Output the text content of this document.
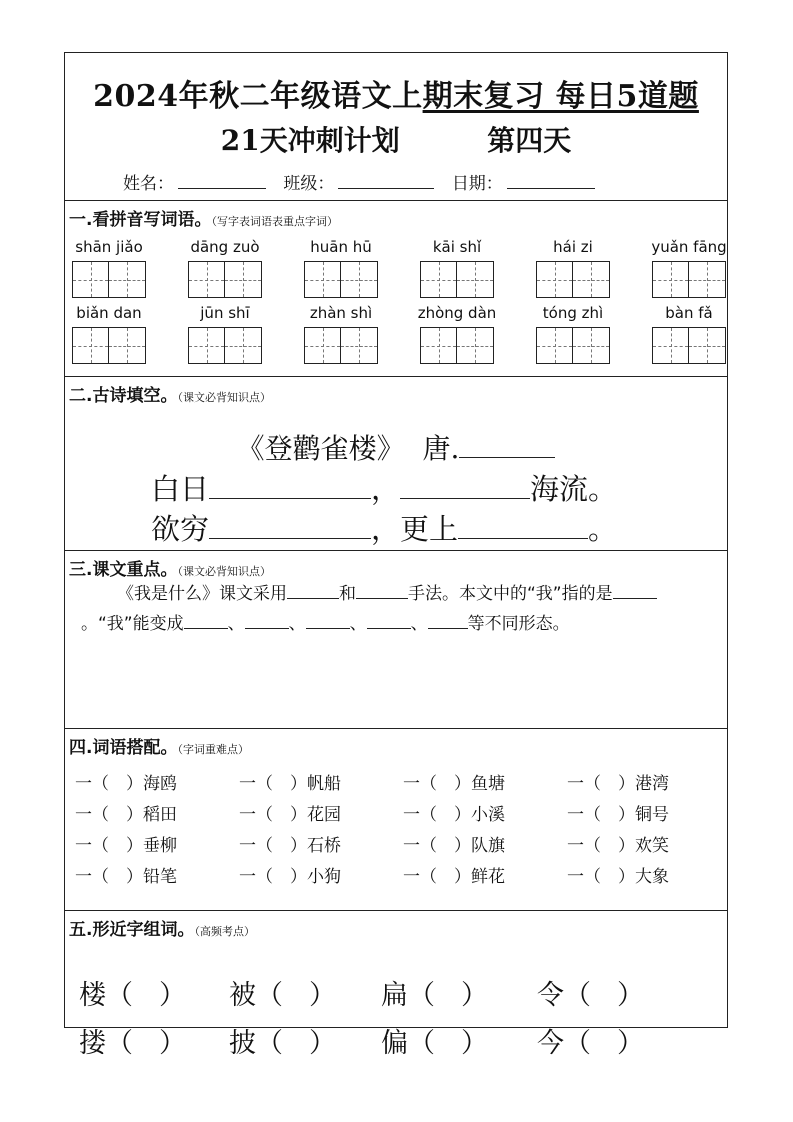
2024年秋二年级语文上期末复习 每日5道题
21天冲刺计划	第四天
姓名：	班级：	日期：
一.看拼音写词语。（写字表词语表重点字词）
shān jiǎo	dāng zuò	huān hū	kāi shǐ	hái zi	yuǎn fāng
biǎn dan	jūn shī	zhàn shì	zhòng dàn	tóng zhì	bàn fǎ
二.古诗填空。（课文必背知识点）
《登鹳雀楼》 唐.
白日	，	海流。
欲穷	，更上	。
三.课文重点。（课文必背知识点）
《我是什么》课文采用	和	手法。本文中的“我”指的是。“我”能变成	、	、	、	、 等不同形态。
四.词语搭配。（字词重难点）
一（　）海鸥	一（　）帆船	一（　）鱼塘	一（　）港湾
一（　）稻田	一（　）花园	一（　）小溪	一（　）铜号
一（　）垂柳	一（　）石桥	一（　）队旗	一（　）欢笑
一（　）铅笔	一（　）小狗	一（　）鲜花	一（　）大象
五.形近字组词。（高频考点）
楼（ ） 被（ ） 扁（ ） 令（ ）
搂（ ） 披（ ） 偏（ ） 今（ ）
